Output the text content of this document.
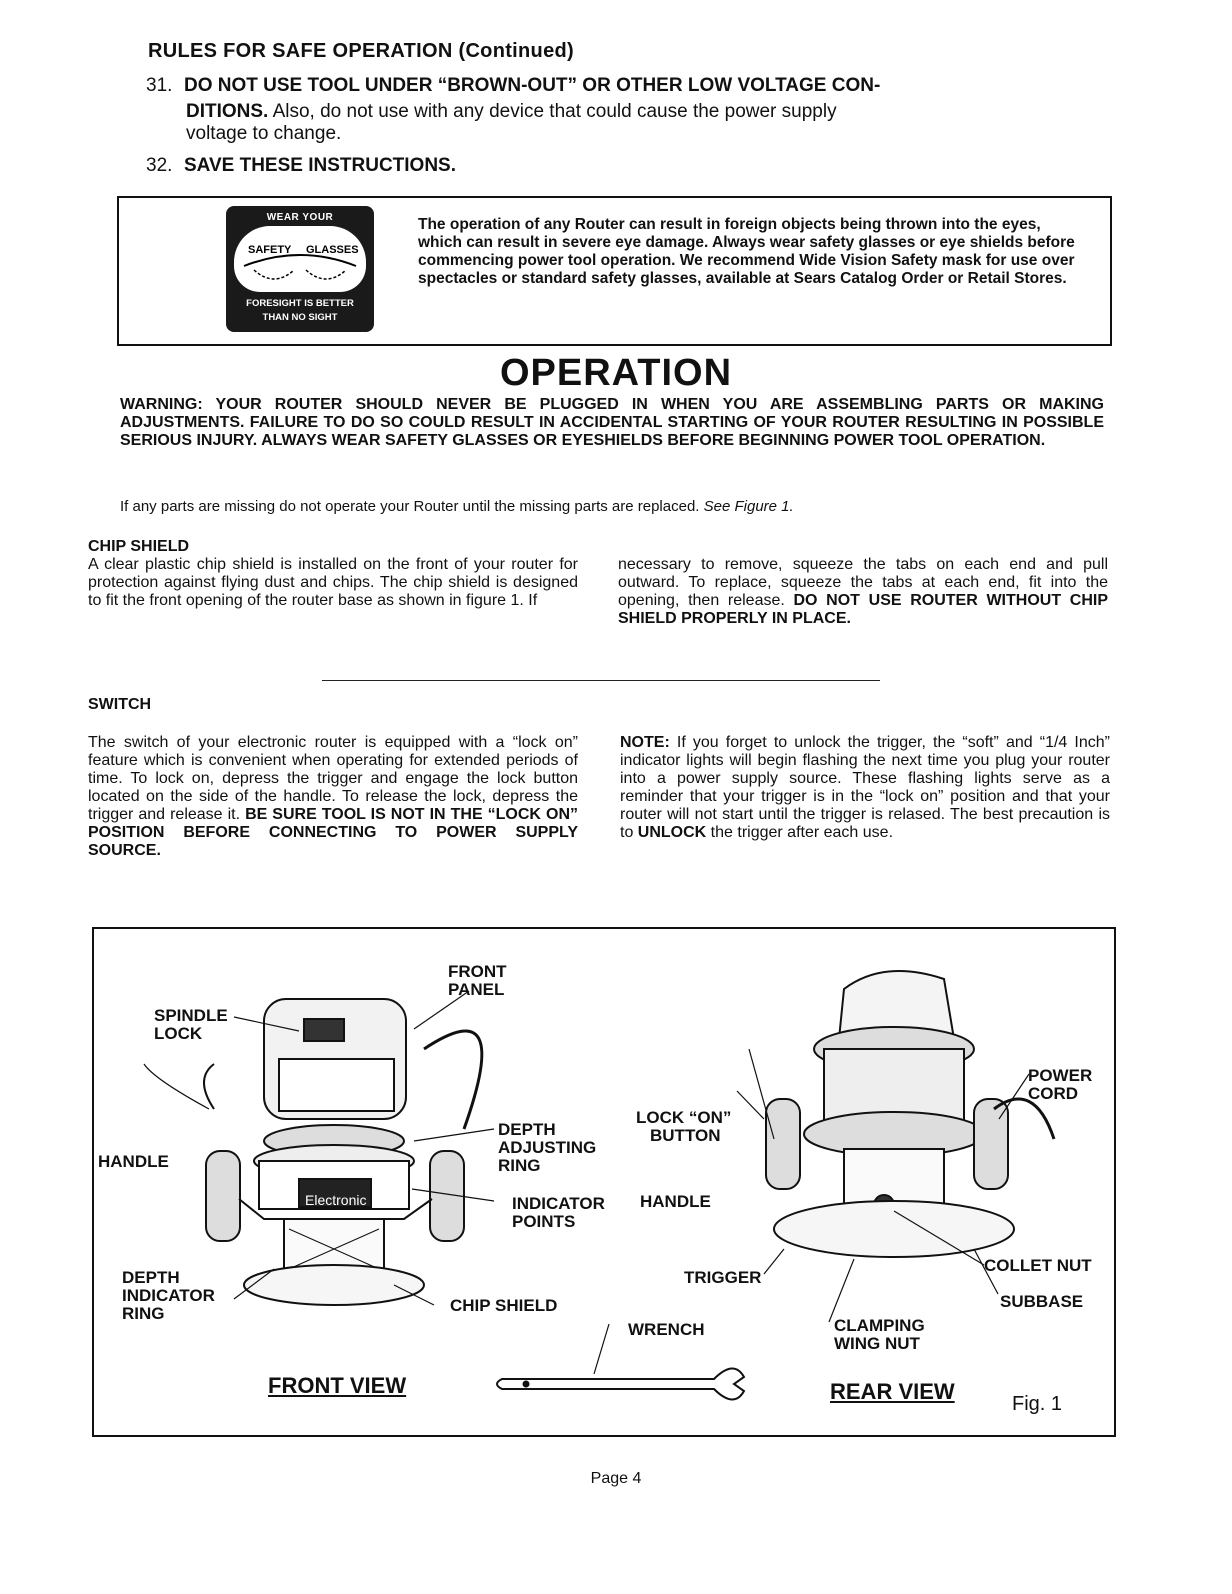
RULES FOR SAFE OPERATION (Continued)
31. DO NOT USE TOOL UNDER “BROWN-OUT” OR OTHER LOW VOLTAGE CON-
DITIONS. Also, do not use with any device that could cause the power supply
voltage to change.
32. SAVE THESE INSTRUCTIONS.
WEAR YOUR
SAFETY GLASSES
FORESIGHT IS BETTER
THAN NO SIGHT
The operation of any Router can result in foreign objects being thrown into the eyes, which can result in severe eye damage. Always wear safety glasses or eye shields before commencing power tool operation. We recommend Wide Vision Safety mask for use over spectacles or standard safety glasses, available at Sears Catalog Order or Retail Stores.
OPERATION
WARNING: YOUR ROUTER SHOULD NEVER BE PLUGGED IN WHEN YOU ARE ASSEMBLING PARTS OR MAKING ADJUSTMENTS. FAILURE TO DO SO COULD RESULT IN ACCIDENTAL STARTING OF YOUR ROUTER RESULTING IN POSSIBLE SERIOUS INJURY. ALWAYS WEAR SAFETY GLASSES OR EYESHIELDS BEFORE BEGINNING POWER TOOL OPERATION.
If any parts are missing do not operate your Router until the missing parts are replaced. See Figure 1.
CHIP SHIELD
A clear plastic chip shield is installed on the front of your router for protection against flying dust and chips. The chip shield is designed to fit the front opening of the router base as shown in figure 1. If
necessary to remove, squeeze the tabs on each end and pull outward. To replace, squeeze the tabs at each end, fit into the opening, then release. DO NOT USE ROUTER WITHOUT CHIP SHIELD PROPERLY IN PLACE.
SWITCH
The switch of your electronic router is equipped with a “lock on” feature which is convenient when operating for extended periods of time. To lock on, depress the trigger and engage the lock button located on the side of the handle. To release the lock, depress the trigger and release it. BE SURE TOOL IS NOT IN THE “LOCK ON” POSITION BEFORE CONNECTING TO POWER SUPPLY SOURCE.
NOTE: If you forget to unlock the trigger, the “soft” and “1/4 Inch” indicator lights will begin flashing the next time you plug your router into a power supply source. These flashing lights serve as a reminder that your trigger is in the “lock on” position and that your router will not start until the trigger is relased. The best precaution is to UNLOCK the trigger after each use.
Electronic
FRONT
PANEL
SPINDLE
LOCK
HANDLE
DEPTH
ADJUSTING
RING
INDICATOR
POINTS
DEPTH
INDICATOR
RING	CHIP SHIELD
LOCK “ON”
BUTTON
HANDLE
TRIGGER
POWER
CORD
COLLET NUT
SUBBASE
CLAMPING
WING NUT
WRENCH
FRONT VIEW	REAR VIEW	Fig. 1
Page 4
